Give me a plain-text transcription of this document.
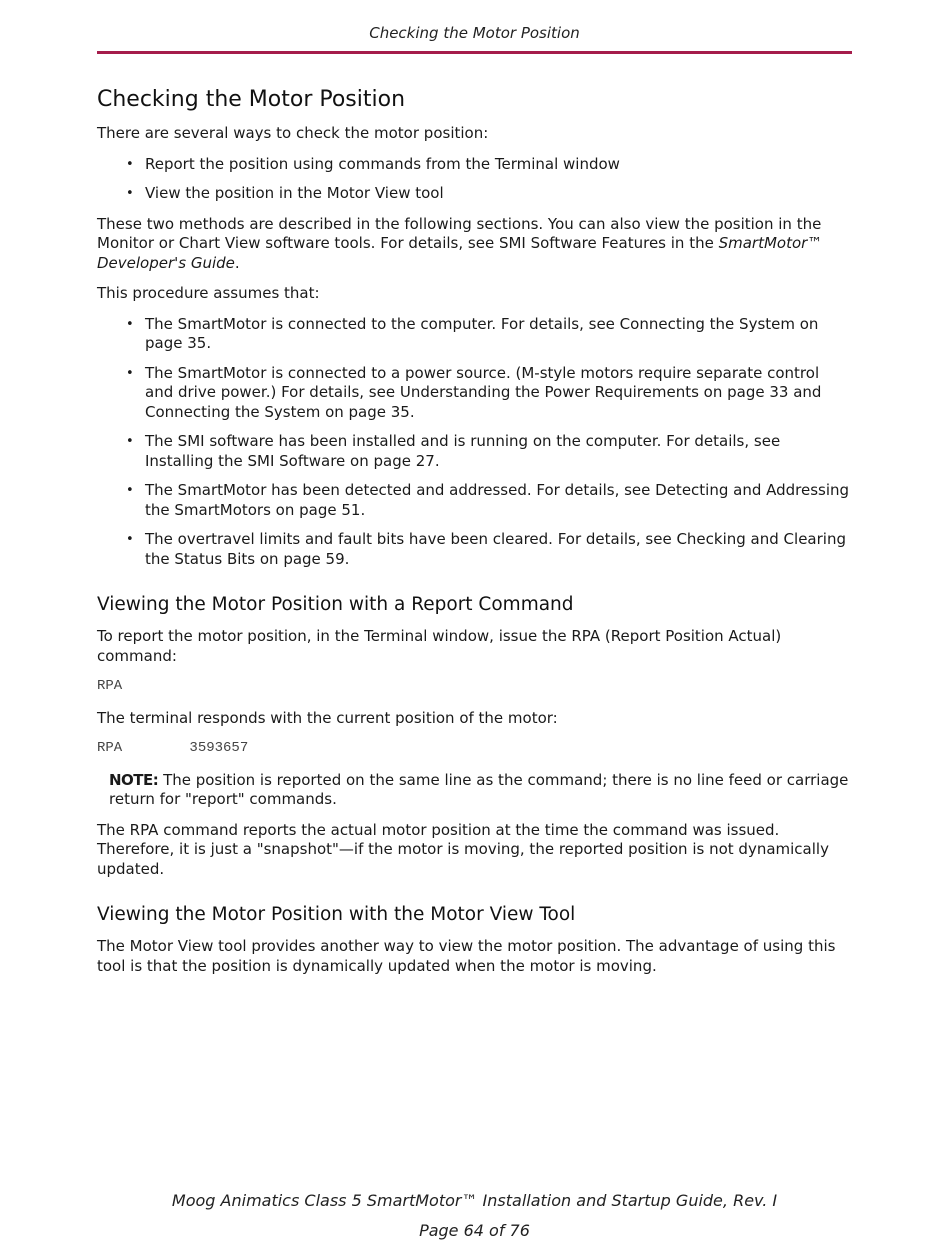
Checking the Motor Position
Checking the Motor Position

There are several ways to check the motor position:

• Report the position using commands from the Terminal window
• View the position in the Motor View tool

These two methods are described in the following sections. You can also view the position in the Monitor or Chart View software tools. For details, see SMI Software Features in the SmartMotor™ Developer's Guide.

This procedure assumes that:

• The SmartMotor is connected to the computer. For details, see Connecting the System on page 35.
• The SmartMotor is connected to a power source. (M-style motors require separate control and drive power.) For details, see Understanding the Power Requirements on page 33 and Connecting the System on page 35.
• The SMI software has been installed and is running on the computer. For details, see Installing the SMI Software on page 27.
• The SmartMotor has been detected and addressed. For details, see Detecting and Addressing the SmartMotors on page 51.
• The overtravel limits and fault bits have been cleared. For details, see Checking and Clearing the Status Bits on page 59.
Viewing the Motor Position with a Report Command

To report the motor position, in the Terminal window, issue the RPA (Report Position Actual) command:

RPA

The terminal responds with the current position of the motor:

RPA        3593657

NOTE: The position is reported on the same line as the command; there is no line feed or carriage return for "report" commands.

The RPA command reports the actual motor position at the time the command was issued. Therefore, it is just a "snapshot"—if the motor is moving, the reported position is not dynamically updated.

Viewing the Motor Position with the Motor View Tool

The Motor View tool provides another way to view the motor position. The advantage of using this tool is that the position is dynamically updated when the motor is moving.

Moog Animatics Class 5 SmartMotor™ Installation and Startup Guide, Rev. I
Page 64 of 76
